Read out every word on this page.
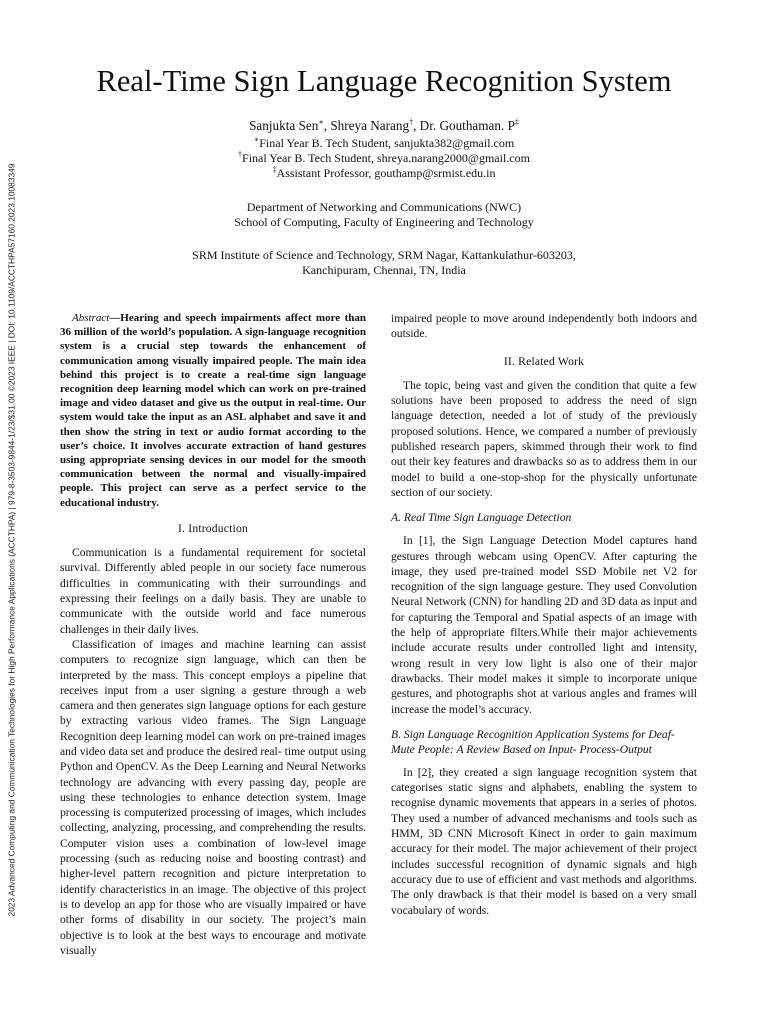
2023 Advanced Computing and Communication Technologies for High Performance Applications (ACCTHPA) | 979-8-3503-9844-1/23/$31.00 ©2023 IEEE | DOI: 10.1109/ACCTHPA57160.2023.10083349
Real-Time Sign Language Recognition System
Sanjukta Sen∗, Shreya Narang†, Dr. Gouthaman. P‡
∗Final Year B. Tech Student, sanjukta382@gmail.com
†Final Year B. Tech Student, shreya.narang2000@gmail.com
‡Assistant Professor, gouthamp@srmist.edu.in
Department of Networking and Communications (NWC)
School of Computing, Faculty of Engineering and Technology
SRM Institute of Science and Technology, SRM Nagar, Kattankulathur-603203,
Kanchipuram, Chennai, TN, India

Abstract—Hearing and speech impairments affect more than 36 million of the world’s population. A sign-language recognition system is a crucial step towards the enhancement of communication among visually impaired people. The main idea behind this project is to create a real-time sign language recognition deep learning model which can work on pre-trained image and video dataset and give us the output in real-time. Our system would take the input as an ASL alphabet and save it and then show the string in text or audio format according to the user’s choice. It involves accurate extraction of hand gestures using appropriate sensing devices in our model for the smooth communication between the normal and visually-impaired people. This project can serve as a perfect service to the educational industry.

I. Introduction

Communication is a fundamental requirement for societal survival. Differently abled people in our society face numerous difficulties in communicating with their surroundings and expressing their feelings on a daily basis. They are unable to communicate with the outside world and face numerous challenges in their daily lives.

Classification of images and machine learning can assist computers to recognize sign language, which can then be interpreted by the mass. This concept employs a pipeline that receives input from a user signing a gesture through a web camera and then generates sign language options for each gesture by extracting various video frames. The Sign Language Recognition deep learning model can work on pre-trained images and video data set and produce the desired real- time output using Python and OpenCV. As the Deep Learning and Neural Networks technology are advancing with every passing day, people are using these technologies to enhance detection system. Image processing is computerized processing of images, which includes collecting, analyzing, processing, and comprehending the results. Computer vision uses a combination of low-level image processing (such as reducing noise and boosting contrast) and higher-level pattern recognition and picture interpretation to identify characteristics in an image. The objective of this project is to develop an app for those who are visually impaired or have other forms of disability in our society. The project’s main objective is to look at the best ways to encourage and motivate visually

impaired people to move around independently both indoors and outside.

II. Related Work

The topic, being vast and given the condition that quite a few solutions have been proposed to address the need of sign language detection, needed a lot of study of the previously proposed solutions. Hence, we compared a number of previously published research papers, skimmed through their work to find out their key features and drawbacks so as to address them in our model to build a one-stop-shop for the physically unfortunate section of our society.

A. Real Time Sign Language Detection

In [1], the Sign Language Detection Model captures hand gestures through webcam using OpenCV. After capturing the image, they used pre-trained model SSD Mobile net V2 for recognition of the sign language gesture. They used Convolution Neural Network (CNN) for handling 2D and 3D data as input and for capturing the Temporal and Spatial aspects of an image with the help of appropriate filters.While their major achievements include accurate results under controlled light and intensity, wrong result in very low light is also one of their major drawbacks. Their model makes it simple to incorporate unique gestures, and photographs shot at various angles and frames will increase the model’s accuracy.

B. Sign Language Recognition Application Systems for Deaf-Mute People: A Review Based on Input- Process-Output

In [2], they created a sign language recognition system that categorises static signs and alphabets, enabling the system to recognise dynamic movements that appears in a series of photos. They used a number of advanced mechanisms and tools such as HMM, 3D CNN Microsoft Kinect in order to gain maximum accuracy for their model. The major achievement of their project includes successful recognition of dynamic signals and high accuracy due to use of efficient and vast methods and algorithms. The only drawback is that their model is based on a very small vocabulary of words.
